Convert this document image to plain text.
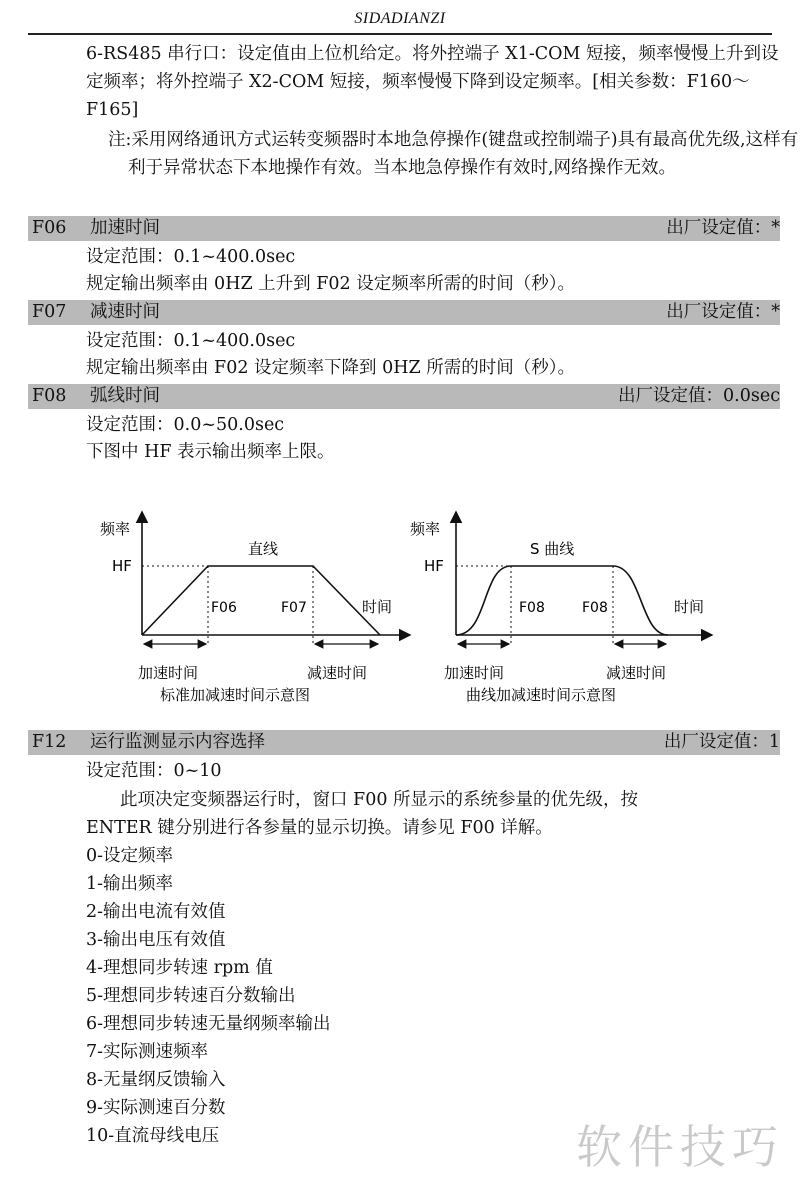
SIDADIANZI

6-RS485 串行口：设定值由上位机给定。将外控端子 X1-COM 短接，频率慢慢上升到设定频率；将外控端子 X2-COM 短接，频率慢慢下降到设定频率。[相关参数：F160～F165]

注:采用网络通讯方式运转变频器时本地急停操作(键盘或控制端子)具有最高优先级,这样有利于异常状态下本地操作有效。当本地急停操作有效时,网络操作无效。

F06 加速时间	出厂设定值：*
设定范围：0.1~400.0sec
规定输出频率由 0HZ 上升到 F02 设定频率所需的时间（秒）。
F07 减速时间	出厂设定值：*
设定范围：0.1~400.0sec
规定输出频率由 F02 设定频率下降到 0HZ 所需的时间（秒）。
F08 弧线时间	出厂设定值：0.0sec
设定范围：0.0~50.0sec
下图中 HF 表示输出频率上限。
频率
HF
直线
F06	F07	时间
加速时间	减速时间
标准加减速时间示意图
频率
HF
S 曲线
F08	F08	时间
加速时间	减速时间
曲线加减速时间示意图
F12 运行监测显示内容选择	出厂设定值：1
设定范围：0~10
此项决定变频器运行时，窗口 F00 所显示的系统参量的优先级，按
ENTER 键分别进行各参量的显示切换。请参见 F00 详解。
0-设定频率
1-输出频率
2-输出电流有效值
3-输出电压有效值
4-理想同步转速 rpm 值
5-理想同步转速百分数输出
6-理想同步转速无量纲频率输出
7-实际测速频率
8-无量纲反馈输入
9-实际测速百分数
10-直流母线电压	软件技巧
